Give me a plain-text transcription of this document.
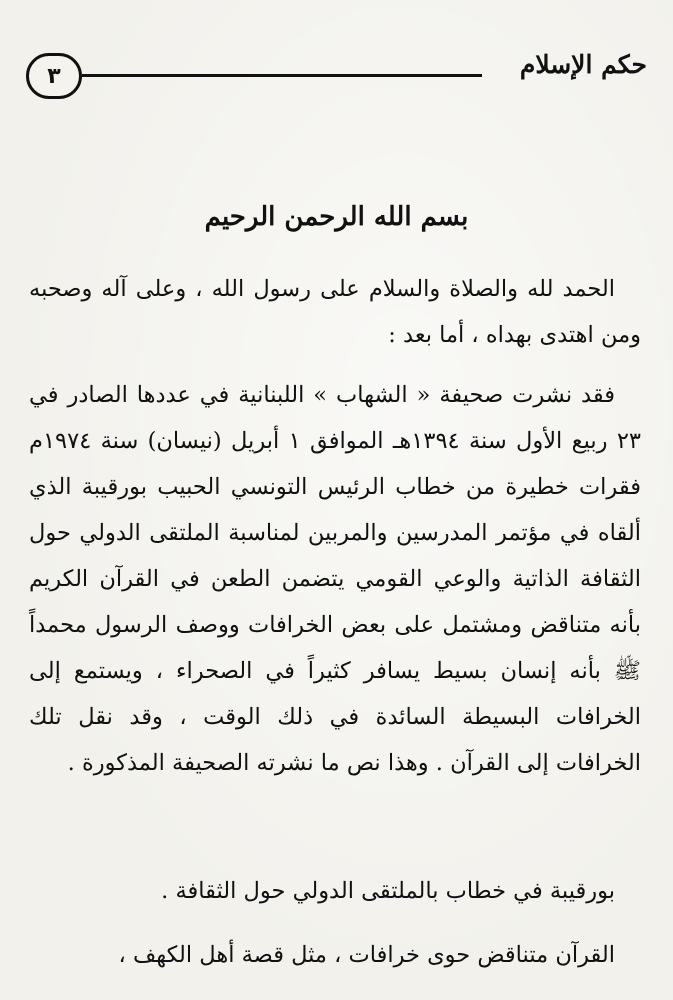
حكم الإسلام
٣
بسم الله الرحمن الرحيم

الحمد لله والصلاة والسلام على رسول الله ، وعلى آله وصحبه ومن اهتدى بهداه ، أما بعد :

فقد نشرت صحيفة « الشهاب » اللبنانية في عددها الصادر في ٢٣ ربيع الأول سنة ١٣٩٤هـ الموافق ١ أبريل (نيسان) سنة ١٩٧٤م فقرات خطيرة من خطاب الرئيس التونسي الحبيب بورقيبة الذي ألقاه في مؤتمر المدرسين والمربين لمناسبة الملتقى الدولي حول الثقافة الذاتية والوعي القومي يتضمن الطعن في القرآن الكريم بأنه متناقض ومشتمل على بعض الخرافات ووصف الرسول محمداً ﷺ بأنه إنسان بسيط يسافر كثيراً في الصحراء ، ويستمع إلى الخرافات البسيطة السائدة في ذلك الوقت ، وقد نقل تلك الخرافات إلى القرآن . وهذا نص ما نشرته الصحيفة المذكورة .

بورقيبة في خطاب بالملتقى الدولي حول الثقافة .

القرآن متناقض حوى خرافات ، مثل قصة أهل الكهف ،
